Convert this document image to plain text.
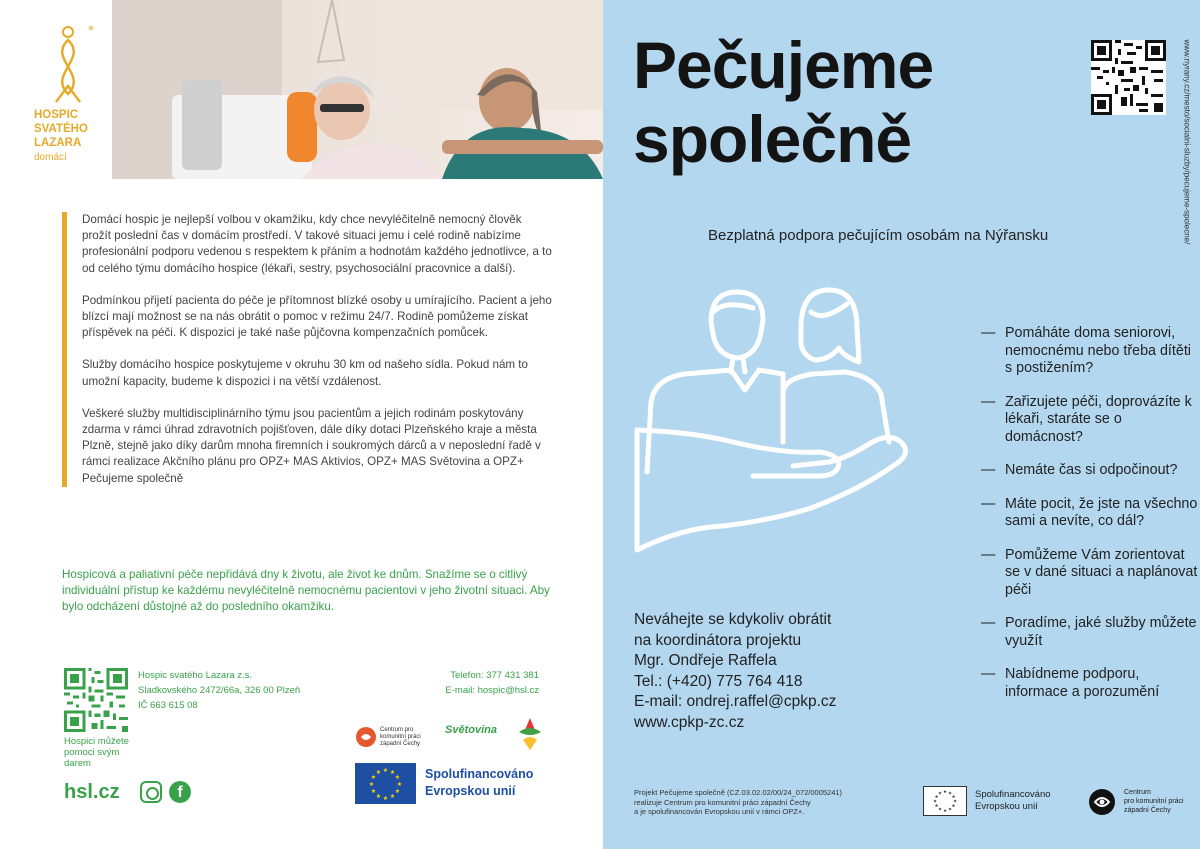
*
HOSPIC
SVATÉHO
LAZARA
domácí

Domácí hospic je nejlepší volbou v okamžiku, kdy chce nevyléčitelně nemocný člověk prožít poslední čas v domácím prostředí. V takové situaci jemu i celé rodině nabízíme profesionální podporu vedenou s respektem k přáním a hodnotám každého jednotlivce, a to od celého týmu domácího hospice (lékaři, sestry, psychosociální pracovnice a další).

Podmínkou přijetí pacienta do péče je přítomnost blízké osoby u umírajícího. Pacient a jeho blízcí mají možnost se na nás obrátit o pomoc v režimu 24/7. Rodině pomůžeme získat příspěvek na péči. K dispozici je také naše půjčovna kompenzačních pomůcek.

Služby domácího hospice poskytujeme v okruhu 30 km od našeho sídla. Pokud nám to umožní kapacity, budeme k dispozici i na větší vzdálenost.

Veškeré služby multidisciplinárního týmu jsou pacientům a jejich rodinám poskytovány zdarma v rámci úhrad zdravotních pojišťoven, dále díky dotaci Plzeňského kraje a města Plzně, stejně jako díky darům mnoha firemních i soukromých dárců a v neposlední řadě v rámci realizace Akčního plánu pro OPZ+ MAS Aktivios, OPZ+ MAS Světovina a OPZ+ Pečujeme společně

Hospicová a paliativní péče nepřidává dny k životu, ale život ke dnům. Snažíme se o citlivý individuální přístup ke každému nevyléčitelně nemocnému pacientovi v jeho životní situaci. Aby bylo odcházení důstojné až do posledního okamžiku.
Hospici můžete pomoci svým darem
Hospic svatého Lazara z.s.
Sladkovského 2472/66a, 326 00 Plzeň
IČ 663 615 08
Telefon: 377 431 381
E-mail: hospic@hsl.cz
hsl.cz	f
Centrum pro komunitní práci západní Čechy
Světovina
★ ★
★
★
★
★
★
★
★
★
★
★	Spolufinancováno
Evropskou unií
Pečujeme
společně	www.nyrany.cz/mesto/socialni-sluzby/pecujeme-spolecne/
Bezplatná podpora pečujícím osobám na Nýřansku
— Pomáháte doma seniorovi, nemocnému nebo třeba dítěti s postižením?
— Zařizujete péči, doprovázíte k lékaři, staráte se o domácnost?
— Nemáte čas si odpočinout?
— Máte pocit, že jste na všechno sami a nevíte, co dál?
— Pomůžeme Vám zorientovat se v dané situaci a naplánovat péči
— Poradíme, jaké služby můžete využít
— Nabídneme podporu, informace a porozumění
Neváhejte se kdykoliv obrátit
na koordinátora projektu
Mgr. Ondřeje Raffela
Tel.: (+420) 775 764 418
E-mail: ondrej.raffel@cpkp.cz
www.cpkp-zc.cz
Projekt Pečujeme společně (CZ.03.02.02/00/24_072/0005241)
realizuje Centrum pro komunitní práci západní Čechy
a je spolufinancován Evropskou unií v rámci OPZ+.
★ ★
★
★
★
★
★
★
★
★
★
★	Spolufinancováno
Evropskou unií
Centrum
pro komunitní práci
západní Čechy
